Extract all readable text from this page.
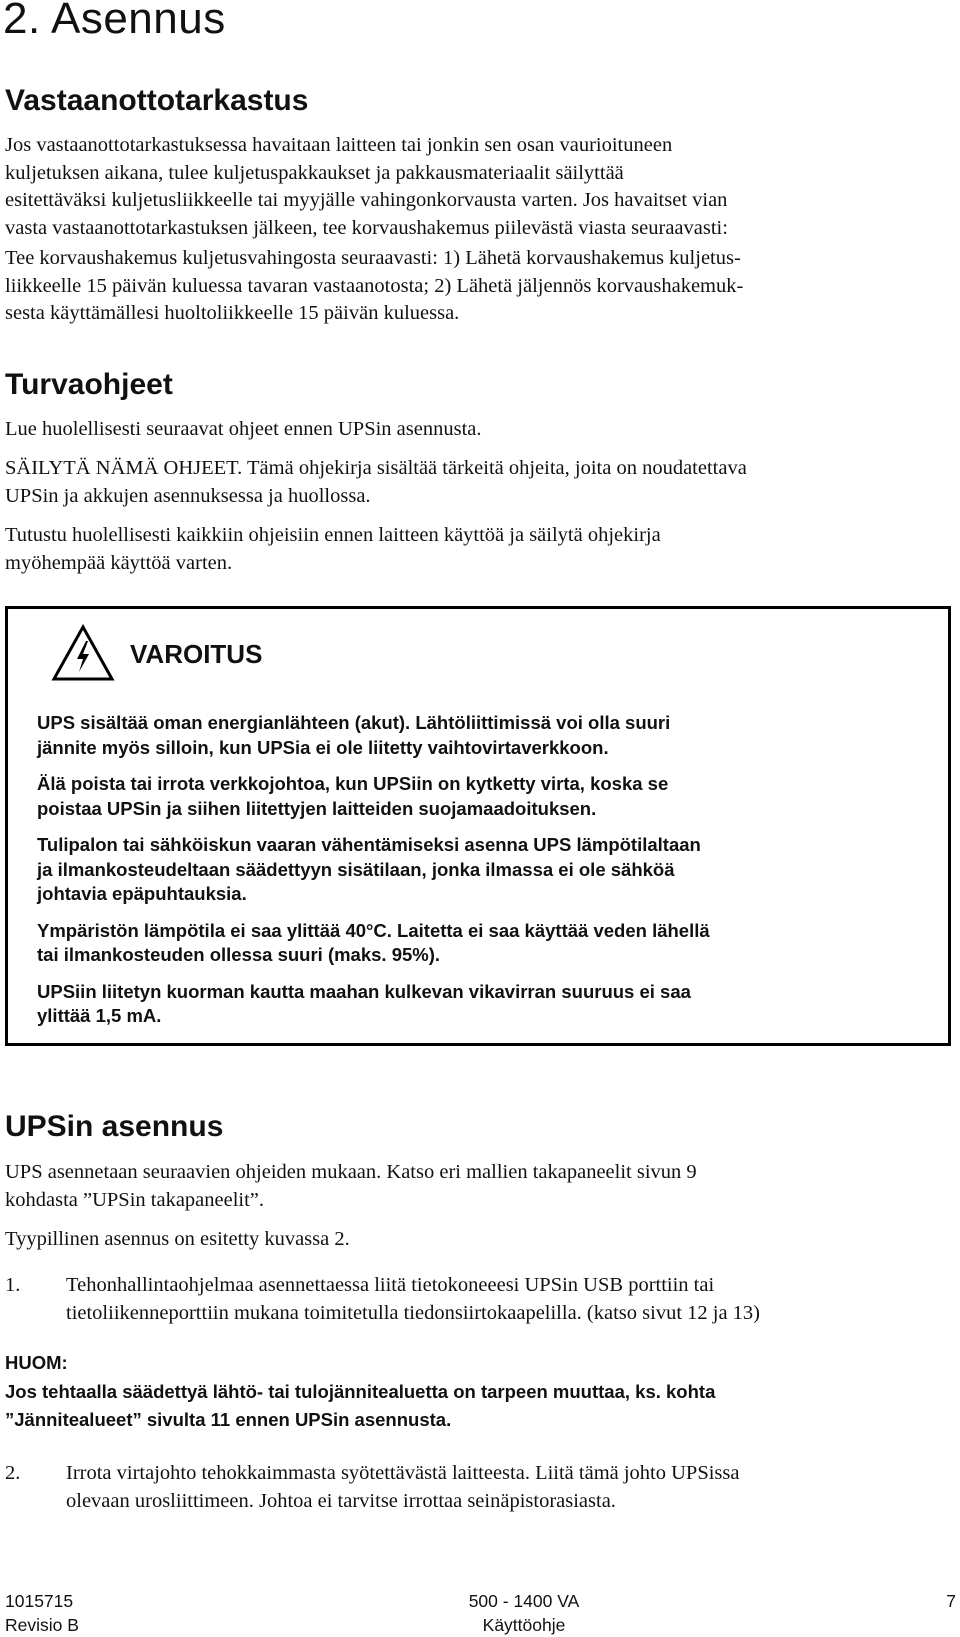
2. Asennus
Vastaanottotarkastus

Jos vastaanottotarkastuksessa havaitaan laitteen tai jonkin sen osan vaurioituneen
kuljetuksen aikana, tulee kuljetuspakkaukset ja pakkausmateriaalit säilyttää
esitettäväksi kuljetusliikkeelle tai myyjälle vahingonkorvausta varten. Jos havaitset vian
vasta vastaanottotarkastuksen jälkeen, tee korvaushakemus piilevästä viasta seuraavasti:

Tee korvaushakemus kuljetusvahingosta seuraavasti: 1) Lähetä korvaushakemus kuljetus-
liikkeelle 15 päivän kuluessa tavaran vastaanotosta; 2) Lähetä jäljennös korvaushakemuk-
sesta käyttämällesi huoltoliikkeelle 15 päivän kuluessa.

Turvaohjeet

Lue huolellisesti seuraavat ohjeet ennen UPSin asennusta.

SÄILYTÄ NÄMÄ OHJEET. Tämä ohjekirja sisältää tärkeitä ohjeita, joita on noudatettava
UPSin ja akkujen asennuksessa ja huollossa.

Tutustu huolellisesti kaikkiin ohjeisiin ennen laitteen käyttöä ja säilytä ohjekirja
myöhempää käyttöä varten.

VAROITUS

UPS sisältää oman energianlähteen (akut). Lähtöliittimissä voi olla suuri
jännite myös silloin, kun UPSia ei ole liitetty vaihtovirtaverkkoon.

Älä poista tai irrota verkkojohtoa, kun UPSiin on kytketty virta, koska se
poistaa UPSin ja siihen liitettyjen laitteiden suojamaadoituksen.

Tulipalon tai sähköiskun vaaran vähentämiseksi asenna UPS lämpötilaltaan
ja ilmankosteudeltaan säädettyyn sisätilaan, jonka ilmassa ei ole sähköä
johtavia epäpuhtauksia.

Ympäristön lämpötila ei saa ylittää 40°C. Laitetta ei saa käyttää veden lähellä
tai ilmankosteuden ollessa suuri (maks. 95%).

UPSiin liitetyn kuorman kautta maahan kulkevan vikavirran suuruus ei saa
ylittää 1,5 mA.

UPSin asennus

UPS asennetaan seuraavien ohjeiden mukaan. Katso eri mallien takapaneelit sivun 9
kohdasta ”UPSin takapaneelit”.

Tyypillinen asennus on esitetty kuvassa 2.

1. Tehonhallintaohjelmaa asennettaessa liitä tietokoneeesi UPSin USB porttiin tai
tietoliikenneporttiin mukana toimitetulla tiedonsiirtokaapelilla. (katso sivut 12 ja 13)

HUOM:

Jos tehtaalla säädettyä lähtö- tai tulojännitealuetta on tarpeen muuttaa, ks. kohta
”Jännitealueet” sivulta 11 ennen UPSin asennusta.

2. Irrota virtajohto tehokkaimmasta syötettävästä laitteesta. Liitä tämä johto UPSissa
olevaan urosliittimeen. Johtoa ei tarvitse irrottaa seinäpistorasiasta.

1015715
Revisio B
500 - 1400 VA
Käyttöohje
7
